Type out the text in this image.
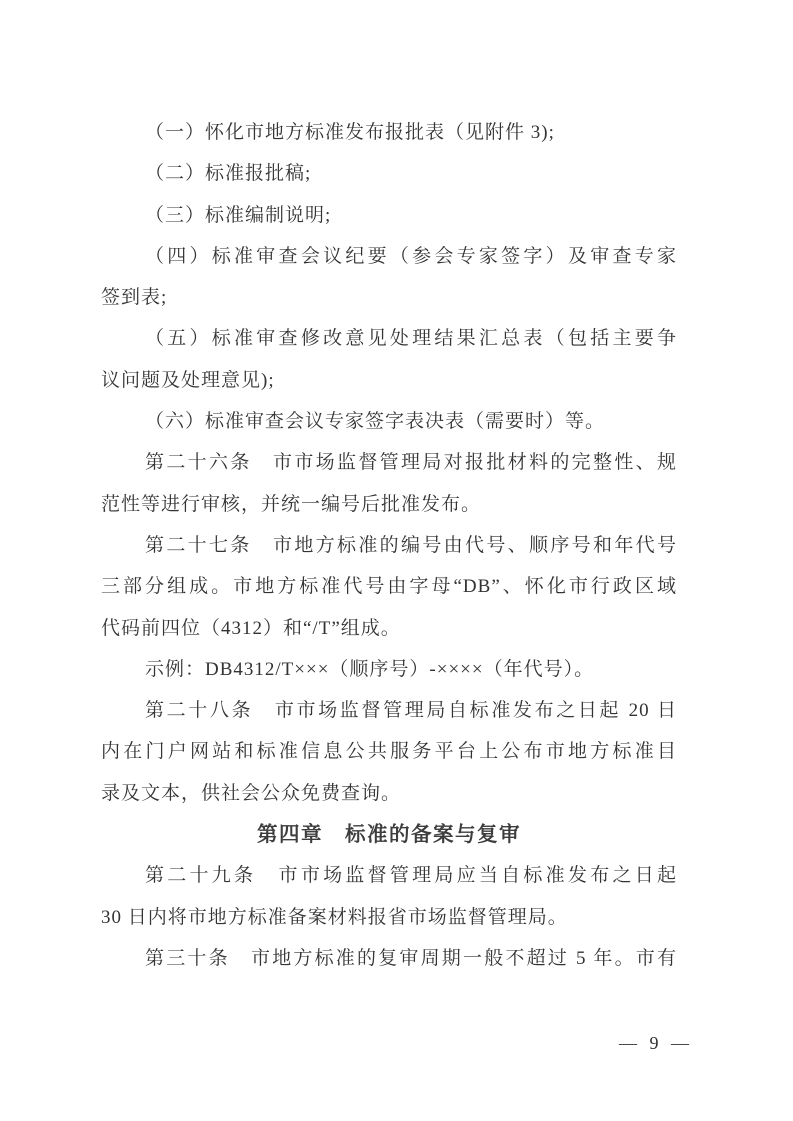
（一）怀化市地方标准发布报批表（见附件 3);
（二）标准报批稿;
（三）标准编制说明;
（四）标准审查会议纪要（参会专家签字）及审查专家
签到表;
（五）标准审查修改意见处理结果汇总表（包括主要争
议问题及处理意见);
（六）标准审查会议专家签字表决表（需要时）等。
第二十六条　市市场监督管理局对报批材料的完整性、规
范性等进行审核，并统一编号后批准发布。
第二十七条　市地方标准的编号由代号、顺序号和年代号
三部分组成。市地方标准代号由字母“DB”、怀化市行政区域
代码前四位（4312）和“/T”组成。
示例：DB4312/T×××（顺序号）-××××（年代号）。
第二十八条　市市场监督管理局自标准发布之日起 20 日
内在门户网站和标准信息公共服务平台上公布市地方标准目
录及文本，供社会公众免费查询。
第四章　标准的备案与复审
第二十九条　市市场监督管理局应当自标准发布之日起
30 日内将市地方标准备案材料报省市场监督管理局。
第三十条　市地方标准的复审周期一般不超过 5 年。市有
— 9 —
